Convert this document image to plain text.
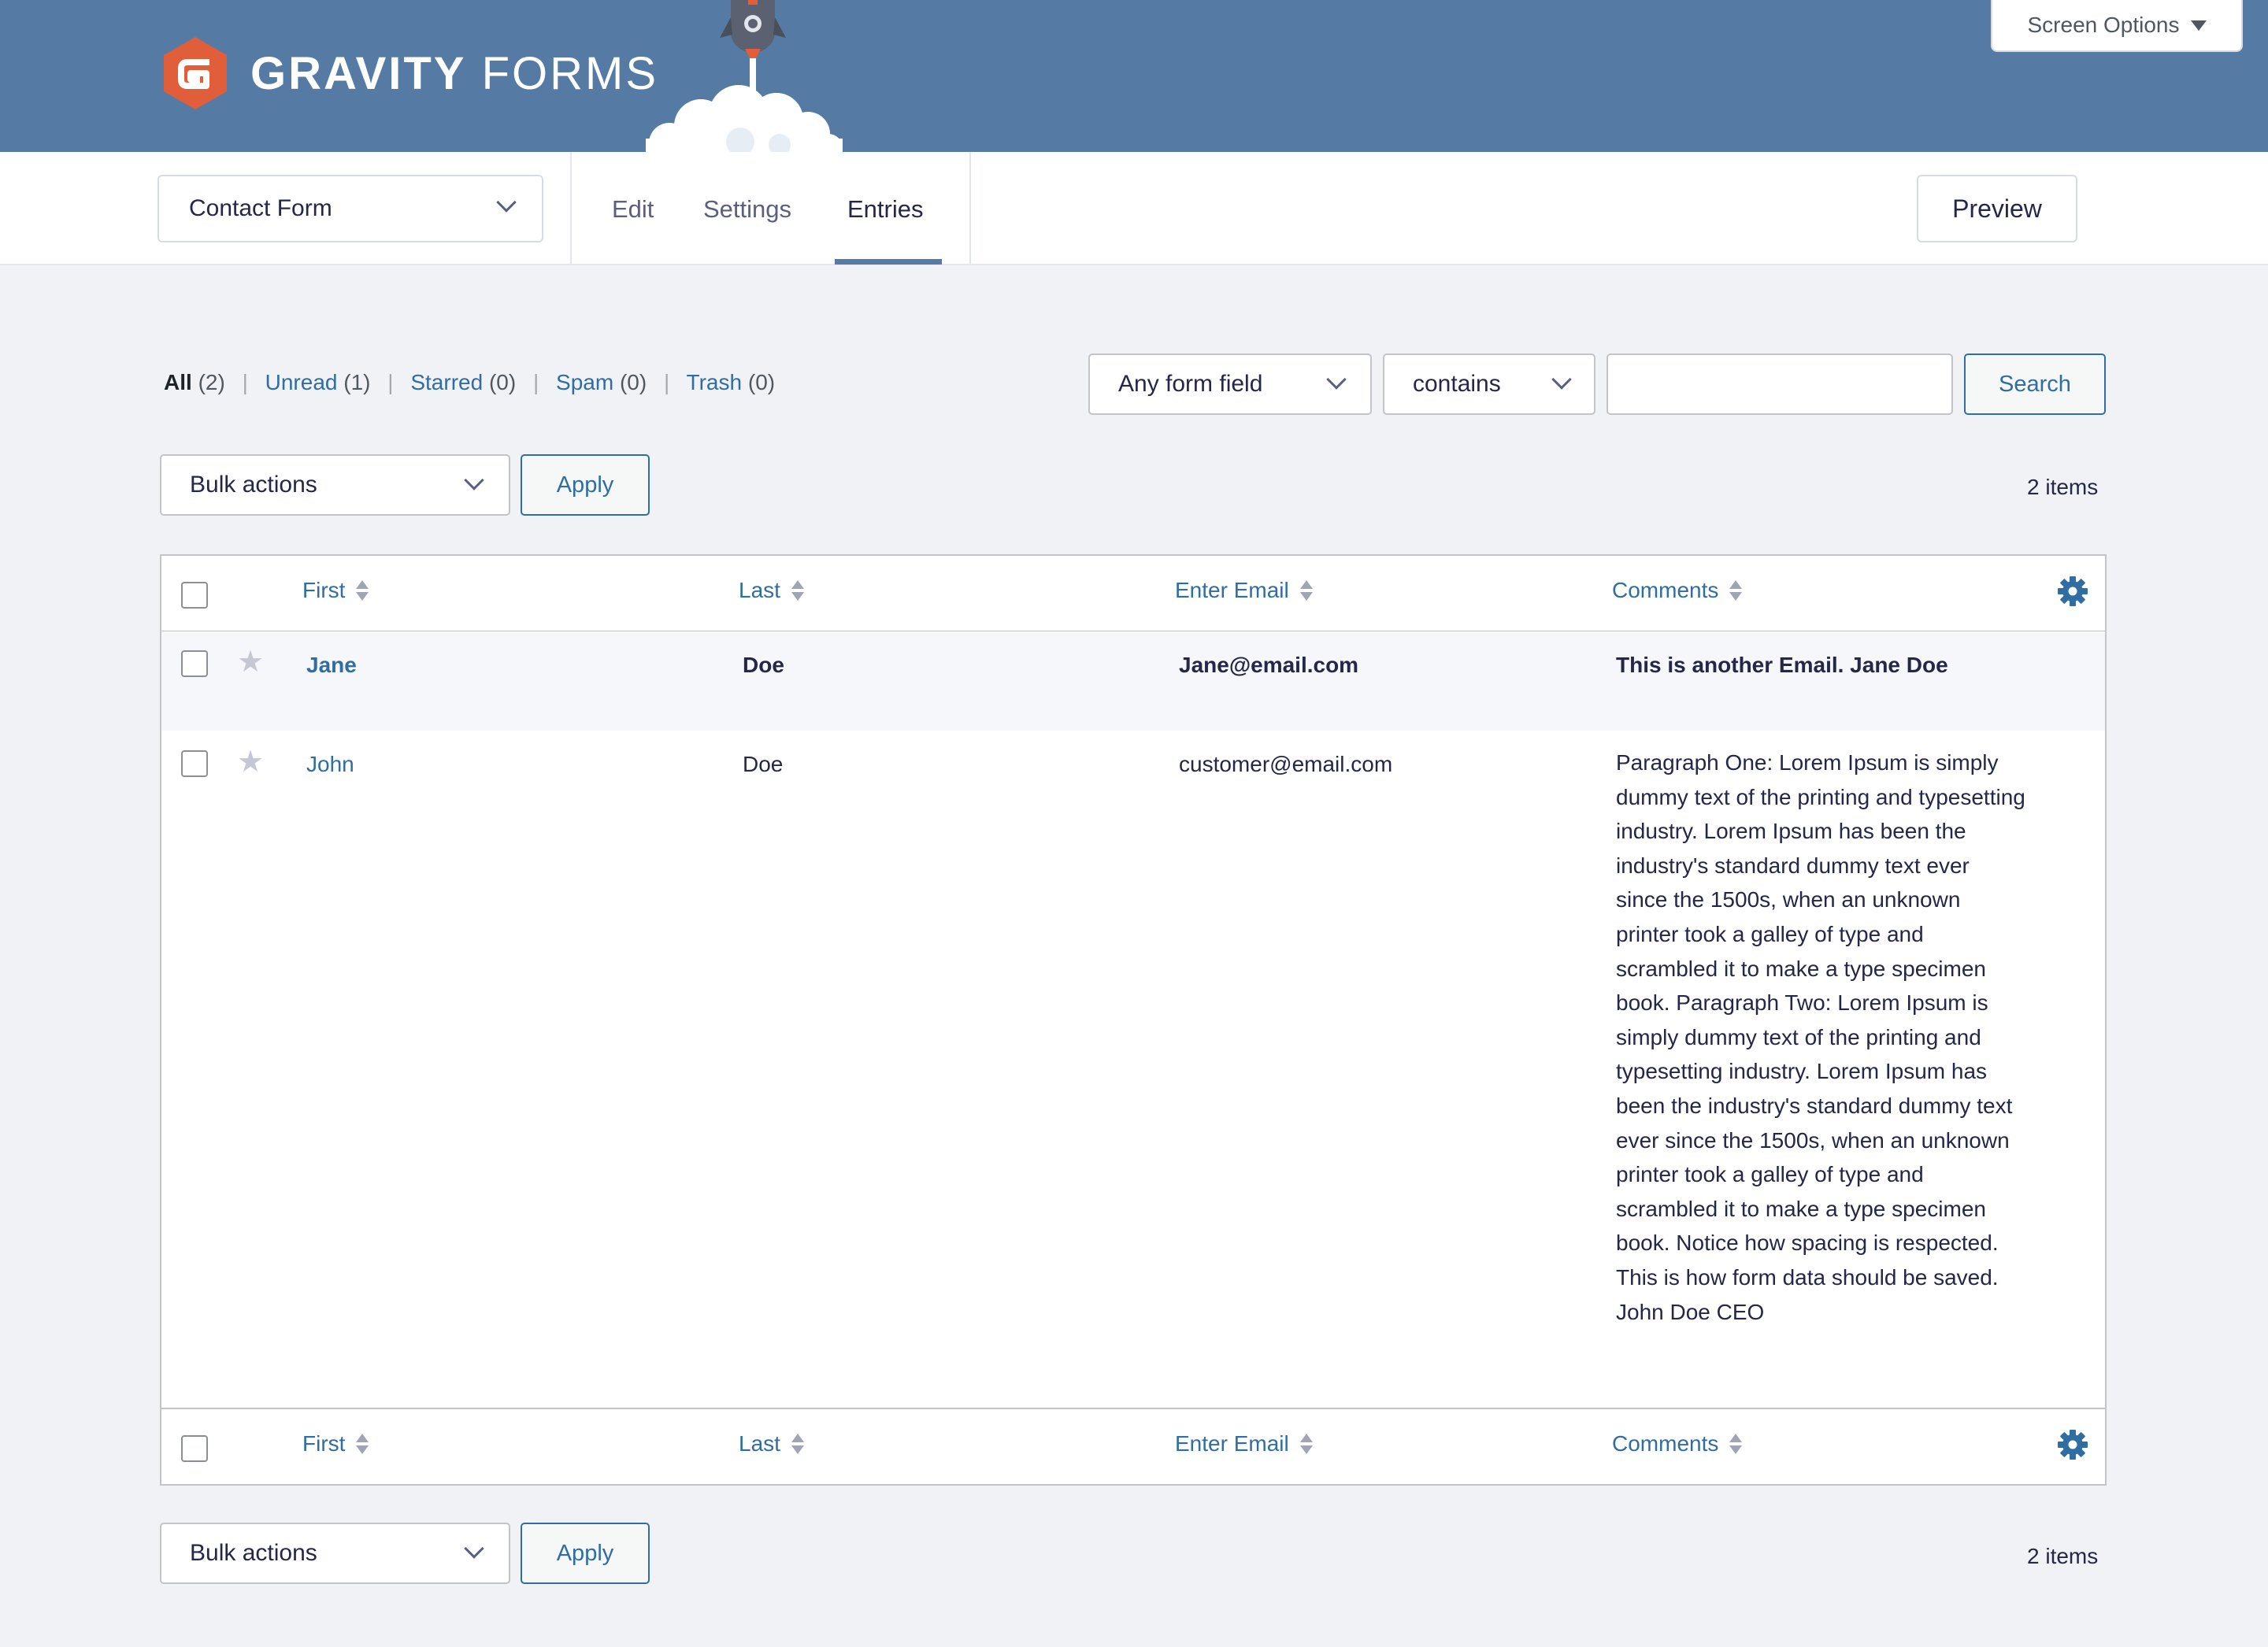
GRAVITY FORMS
Screen Options
Contact Form	Edit Settings Entries	Preview
All (2) | Unread (1) | Starred (0) | Spam (0) | Trash (0)	Any form field	contains	Search
Bulk actions	Apply	2 items
First	Last	Enter Email	Comments
★ Jane	Doe	Jane@email.com	This is another Email. Jane Doe
★ John	Doe	customer@email.com	Paragraph One: Lorem Ipsum is simply dummy text of the printing and typesetting industry. Lorem Ipsum has been the industry's standard dummy text ever since the 1500s, when an unknown printer took a galley of type and scrambled it to make a type specimen book. Paragraph Two: Lorem Ipsum is simply dummy text of the printing and typesetting industry. Lorem Ipsum has been the industry's standard dummy text ever since the 1500s, when an unknown printer took a galley of type and scrambled it to make a type specimen book. Notice how spacing is respected. This is how form data should be saved. John Doe CEO
First	Last	Enter Email	Comments
Bulk actions	Apply	2 items
